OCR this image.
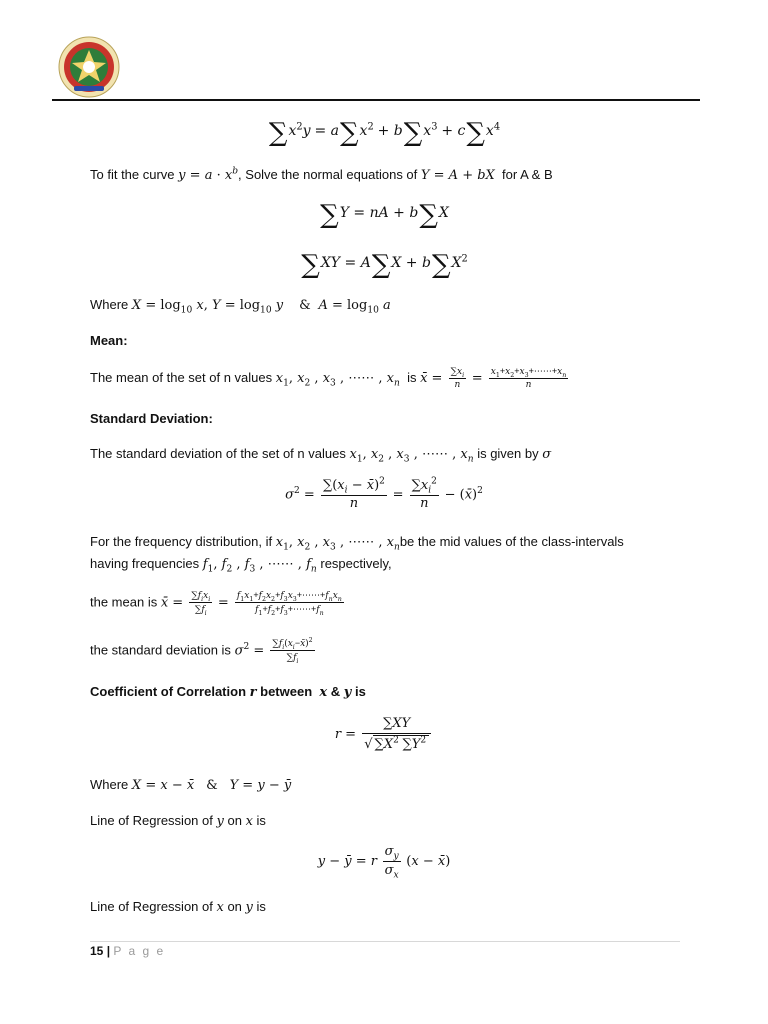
$\sum x^2y = a\sum x^2 + b\sum x^3 + c\sum x^4$
To fit the curve $y = a \cdot x^b$, Solve the normal equations of Y = A + bX for A & B
∑Y = nA + b∑X
$\sum XY = A\sum X + b\sum X^2$
Where $X = \log_{10} x$, $Y = \log_{10} y$    &  $A = \log_{10} a$
Mean:
The mean of the set of n values $x_1$, $x_2$ , $x_3$ , ⋯⋯ , $x_n$ is x̄ = $\frac{\sum x_i}{n} = \frac{x_1+x_2+x_3+\cdots\cdots+x_n}{n}$
Standard Deviation:
The standard deviation of the set of n values $x_1$, $x_2$ , $x_3$ , ⋯⋯ , $x_n$ is given by σ
$\sigma^2 = \frac{\sum(x_i - x̄)^2}{n} = \frac{\sum x_i^2}{n}$ − (x̄)$^2$
For the frequency distribution, if $x_1$, $x_2$ , $x_3$ , ⋯⋯ , $x_nbe$ the mid values of the class-intervals
having frequencies $f_1$, $f_2$ , $f_3$ , ⋯⋯ , $f_n$ respectively,
the mean is x̄ = $\frac{\sum f_ix_i}{\sum f_i} = \frac{f_1x_1+f_2x_2+f_3x_3+\cdots\cdots+f_nx_n}{f_1+f_2+f_3+\cdots\cdots+f_n}$
the standard deviation is $\sigma^2 = \frac{\sum f_i(x_i-x̄)^2}{\sum f_i}$
Coefficient of Correlation r between x & y is
$r = \frac{\sum XY}{√ \sum X^2 \sum Y^2}$
Where X = x − x̄   &   Y = y − ȳ
Line of Regression of y on x is
y − ȳ = r $\frac{\sigma_y}{\sigma_x} (x$ − x̄)
Line of Regression of x on y is
15 | P a g e
